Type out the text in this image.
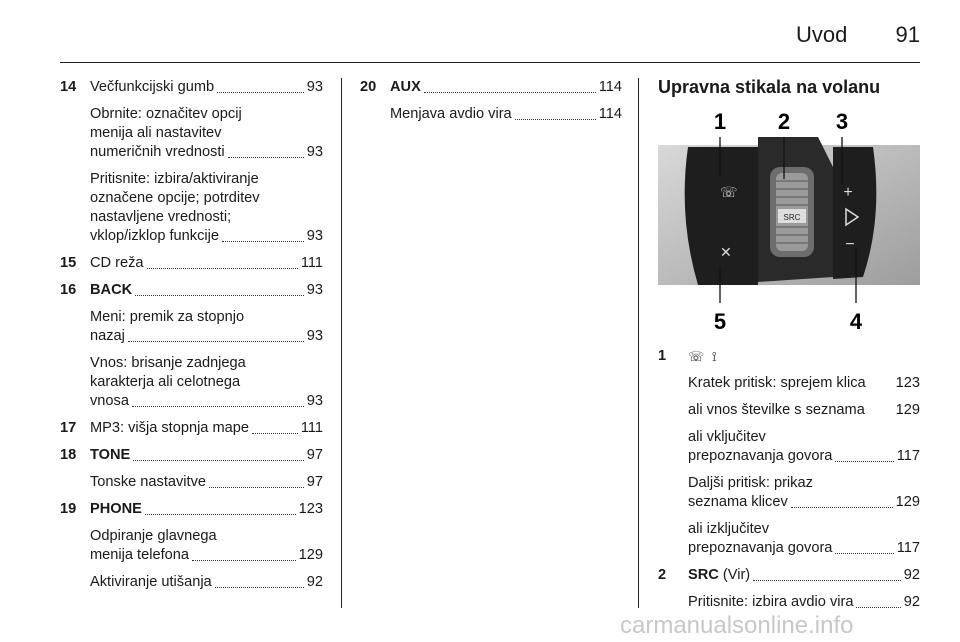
Uvod 91
14 Večfunkcijski gumb	93
Obrnite: označitev opcij
menija ali nastavitev
numeričnih vrednosti	93
Pritisnite: izbira/aktiviranje
označene opcije; potrditev
nastavljene vrednosti;
vklop/izklop funkcije	93
15 CD reža	111
16 BACK	93
Meni: premik za stopnjo
nazaj	93
Vnos: brisanje zadnjega
karakterja ali celotnega
vnosa	93
17 MP3: višja stopnja mape	111
18 TONE	97
Tonske nastavitve	97
19 PHONE	123
Odpiranje glavnega
menija telefona	129
Aktiviranje utišanja	92
20 AUX	114
Menjava avdio vira	114
Upravna stikala na volanu
SRC
+
−
☏
✕
1 2 3
5	4
1 ☏ ⟟
Kratek pritisk: sprejem klica 123
ali vnos številke s seznama 129
ali vključitev
prepoznavanja govora	117
Daljši pritisk: prikaz
seznama klicev	129
ali izključitev
prepoznavanja govora	117
2 SRC (Vir)	92
Pritisnite: izbira avdio vira	92
carmanualsonline.info
